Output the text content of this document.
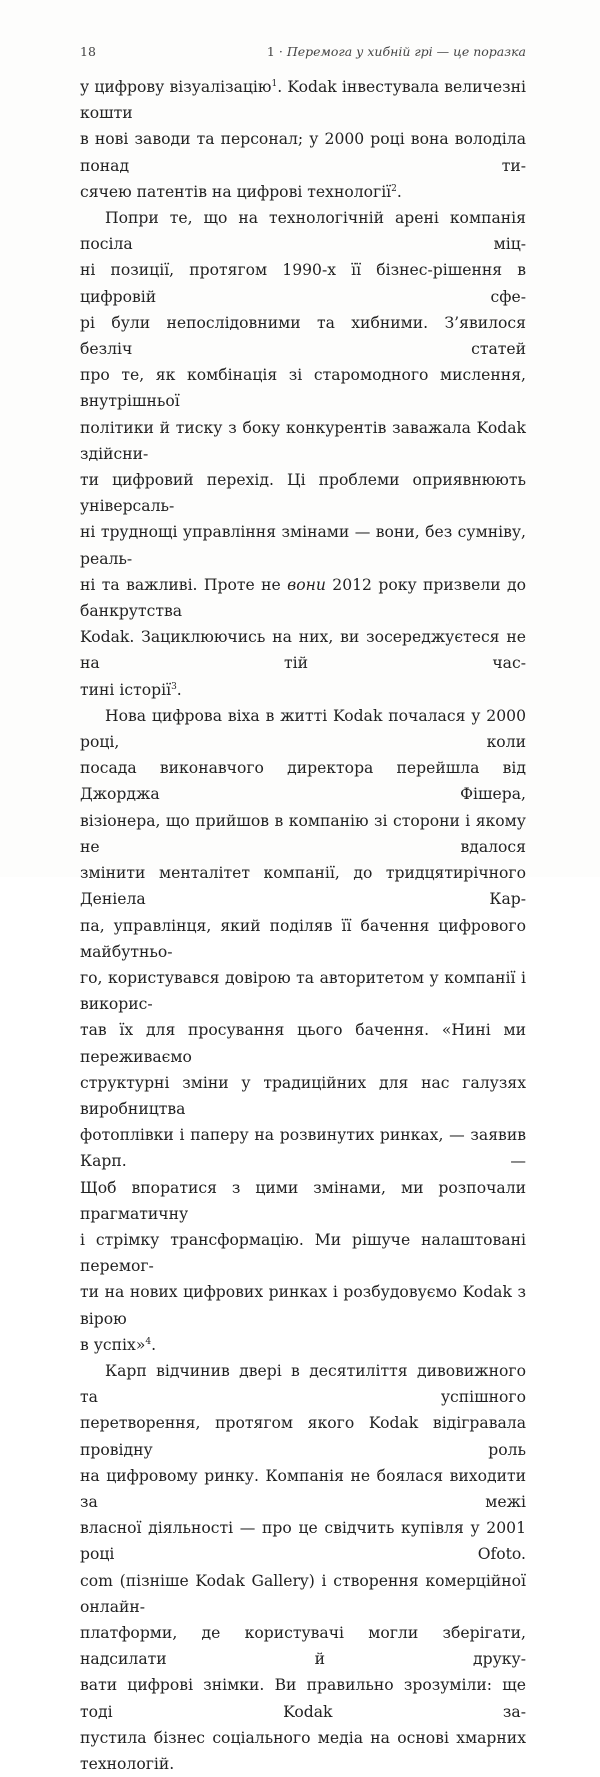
18	1 · Перемога у хибній грі — це поразка
у цифрову візуалізацію$^1$. Kodak інвестувала величезні кошти
в нові заводи та персонал; у 2000 році вона володіла понад ти-
сячею патентів на цифрові технології$^2$.
Попри те, що на технологічній арені компанія посіла міц-
ні позиції, протягом 1990-х її бізнес-рішення в цифровій сфе-
рі були непослідовними та хибними. З’явилося безліч статей
про те, як комбінація зі старомодного мислення, внутрішньої
політики й тиску з боку конкурентів заважала Kodak здійсни-
ти цифровий перехід. Ці проблеми оприявнюють універсаль-
ні труднощі управління змінами — вони, без сумніву, реаль-
ні та важливі. Проте не вони 2012 року призвели до банкрутства
Kodak. Зациклюючись на них, ви зосереджуєтеся не на тій час-
тині історії$^3$.
Нова цифрова віха в житті Kodak почалася у 2000 році, коли
посада виконавчого директора перейшла від Джорджа Фішера,
візіонера, що прийшов в компанію зі сторони і якому не вдалося
змінити менталітет компанії, до тридцятирічного Деніела Кар-
па, управлінця, який поділяв її бачення цифрового майбутньо-
го, користувався довірою та авторитетом у компанії і викорис-
тав їх для просування цього бачення. «Нині ми переживаємо
структурні зміни у традиційних для нас галузях виробництва
фотоплівки і паперу на розвинутих ринках, — заявив Карп. —
Щоб впоратися з цими змінами, ми розпочали прагматичну
і стрімку трансформацію. Ми рішуче налаштовані перемог-
ти на нових цифрових ринках і розбудовуємо Kodak з вірою
в успіх»$^4$.
Карп відчинив двері в десятиліття дивовижного та успішного
перетворення, протягом якого Kodak відігравала провідну роль
на цифровому ринку. Компанія не боялася виходити за межі
власної діяльності — про це свідчить купівля у 2001 році Ofoto.
com (пізніше Kodak Gallery) і створення комерційної онлайн-
платформи, де користувачі могли зберігати, надсилати й друку-
вати цифрові знімки. Ви правильно зрозуміли: ще тоді Kodak за-
пустила бізнес соціального медіа на основі хмарних технологій.
